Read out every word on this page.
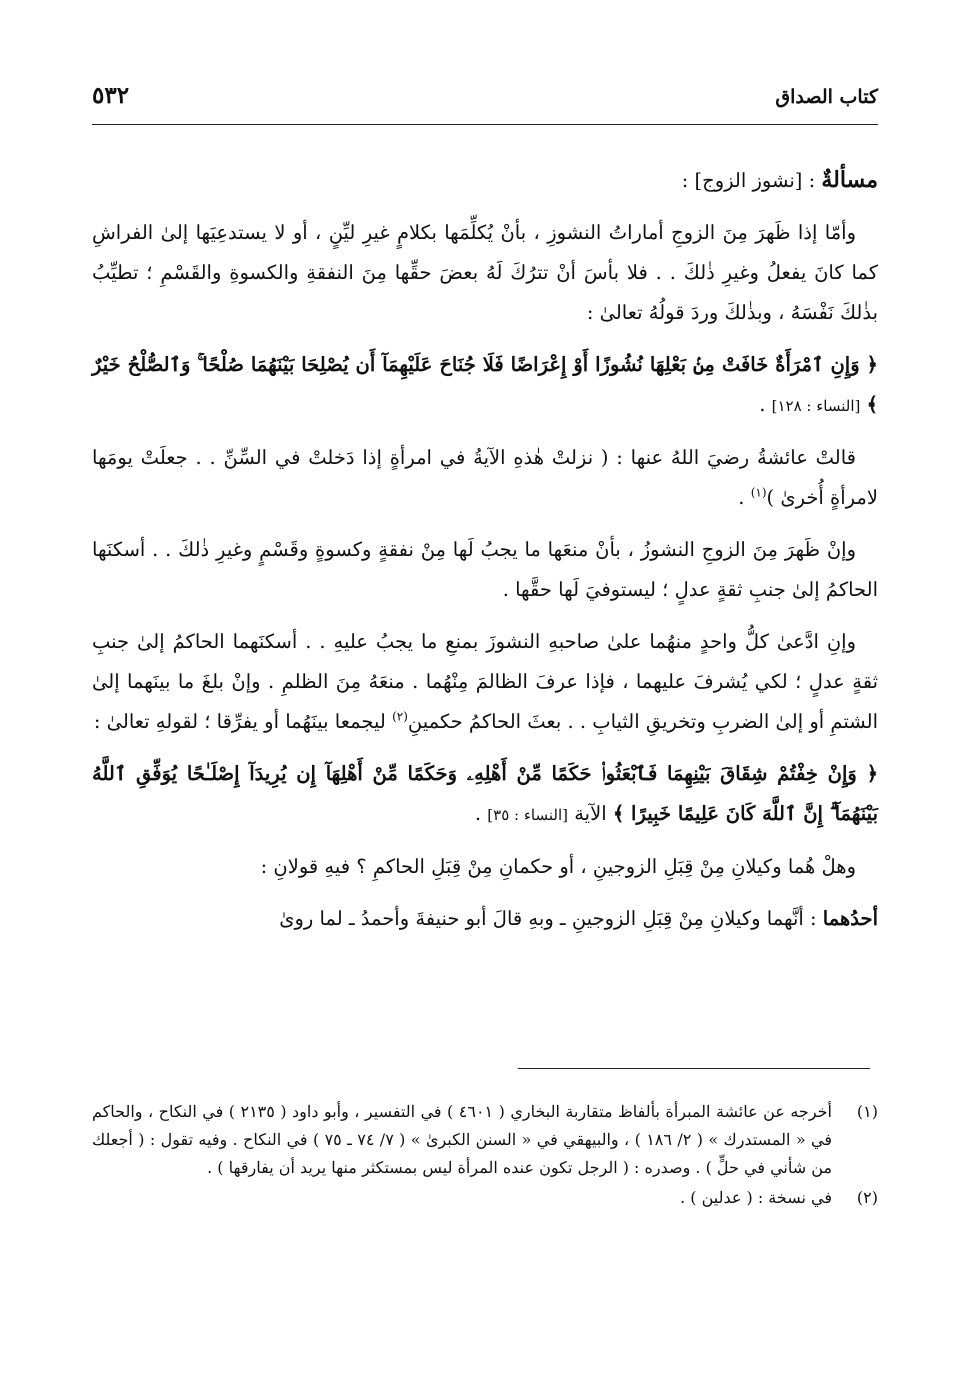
كتاب الصداق
٥٣٢

مسألةٌ : [نشوز الزوج] :

وأمّا إذا ظَهرَ مِنَ الزوجِ أماراتُ النشوزِ ، بأنْ يُكلِّمَها بكلامٍ غيرِ ليِّنٍ ، أو لا يستدعِيَها إلىٰ الفراشِ كما كانَ يفعلُ وغيرِ ذٰلكَ . . فلا بأسَ أنْ تترُكَ لَهُ بعضَ حقِّها مِنَ النفقةِ والكسوةِ والقَسْمِ ؛ تطيِّبُ بذٰلكَ نَفْسَهُ ، وبذٰلكَ وردَ قولُهُ تعالىٰ :

﴿ وَإِنِ ٱمْرَأَةٌ خَافَتْ مِنۢ بَعْلِهَا نُشُوزًا أَوْ إِعْرَاضًا فَلَا جُنَاحَ عَلَيْهِمَآ أَن يُصْلِحَا بَيْنَهُمَا صُلْحًا ۚ وَٱلصُّلْحُ خَيْرٌ ﴾ [النساء : ١٢٨] .

قالتْ عائشةُ رضيَ اللهُ عنها : ( نزلتْ هٰذهِ الآيةُ في امرأةٍ إذا دَخلتْ في السِّنِّ . . جعلَتْ يومَها لامرأةٍ أُخرىٰ )$^{(١)}$ .

وإنْ ظَهرَ مِنَ الزوجِ النشوزُ ، بأنْ منعَها ما يجبُ لَها مِنْ نفقةٍ وكسوةٍ وقَسْمٍ وغيرِ ذٰلكَ . . أسكنَها الحاكمُ إلىٰ جنبِ ثقةٍ عدلٍ ؛ ليستوفيَ لَها حقَّها .

وإنِ ادَّعىٰ كلُّ واحدٍ منهُما علىٰ صاحبهِ النشوزَ بمنعِ ما يجبُ عليهِ . . أسكنَهما الحاكمُ إلىٰ جنبِ ثقةٍ عدلٍ ؛ لكي يُشرفَ عليهما ، فإذا عرفَ الظالمَ مِنْهُما . منعَهُ مِنَ الظلمِ . وإنْ بلغَ ما بينَهما إلىٰ الشتمِ أو إلىٰ الضربِ وتخريقِ الثيابِ . . بعثَ الحاكمُ حكمينِ$^{(٢)}$ ليجمعا بينَهُما أو يفرِّقا ؛ لقولهِ تعالىٰ :

﴿ وَإِنْ خِفْتُمْ شِقَاقَ بَيْنِهِمَا فَٱبْعَثُوا۟ حَكَمًا مِّنْ أَهْلِهِۦ وَحَكَمًا مِّنْ أَهْلِهَآ إِن يُرِيدَآ إِصْلَـٰحًا يُوَفِّقِ ٱللَّهُ بَيْنَهُمَآ ۗ إِنَّ ٱللَّهَ كَانَ عَلِيمًا خَبِيرًا ﴾ الآية [النساء : ٣٥] .

وهلْ هُما وكيلانِ مِنْ قِبَلِ الزوجينِ ، أو حكمانِ مِنْ قِبَلِ الحاكمِ ؟ فيهِ قولانِ :

أحدُهما : أنَّهما وكيلانِ مِنْ قِبَلِ الزوجينِ ـ وبهِ قالَ أبو حنيفةَ وأحمدُ ـ لما روىٰ

(١)
أخرجه عن عائشة المبرأة بألفاظ متقاربة البخاري ( ٤٦٠١ ) في التفسير ، وأبو داود ( ٢١٣٥ ) في النكاح ، والحاكم في « المستدرك » ( ٢/ ١٨٦ ) ، والبيهقي في « السنن الكبرىٰ » ( ٧/ ٧٤ ـ ٧٥ ) في النكاح . وفيه تقول : ( أجعلك من شأني في حلٍّ ) . وصدره : ( الرجل تكون عنده المرأة ليس بمستكثر منها يريد أن يفارقها ) .
(٢)
في نسخة : ( عدلين ) .
